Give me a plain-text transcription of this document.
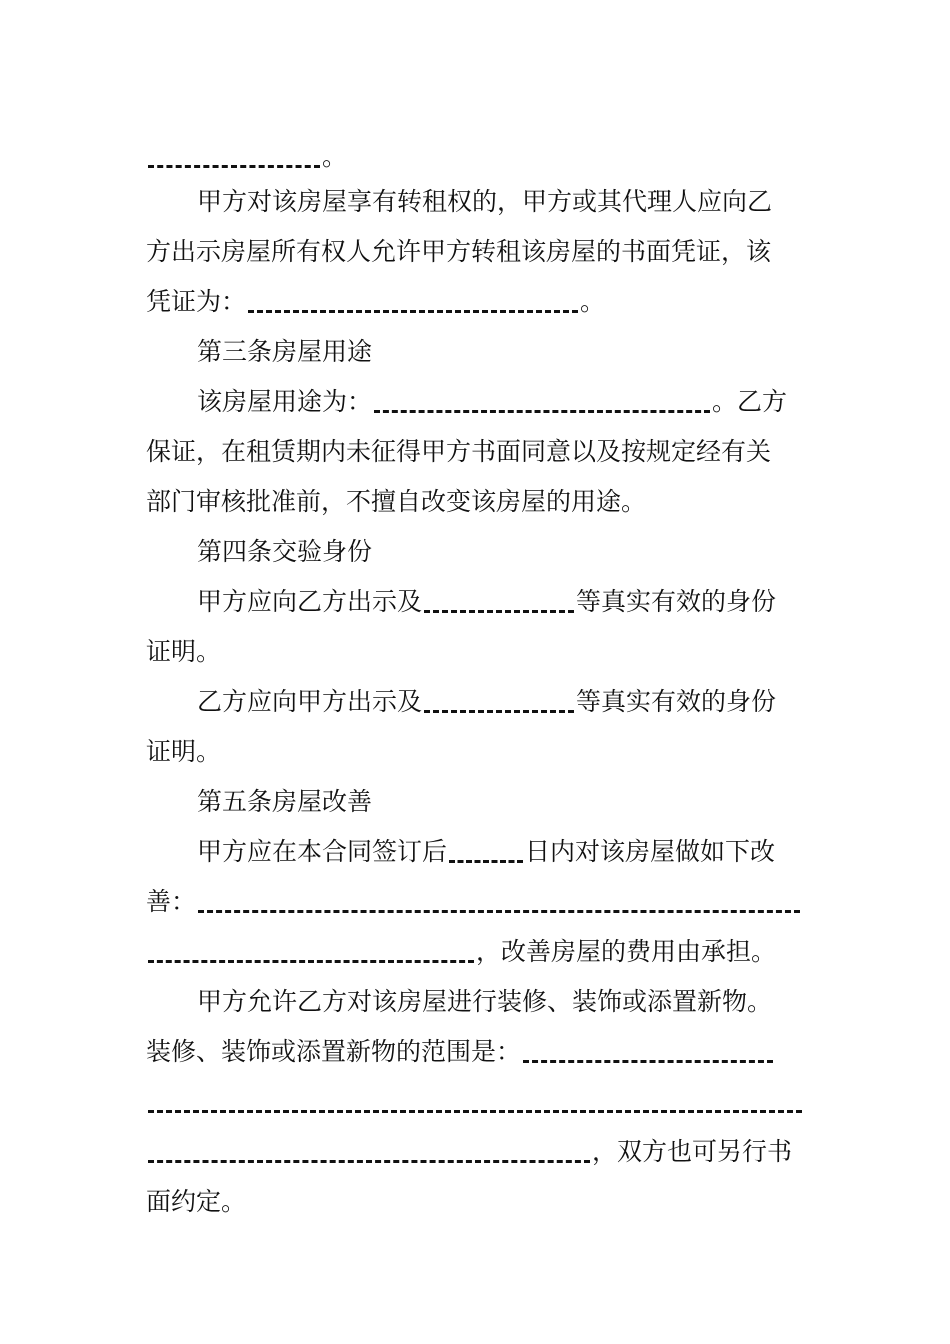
。
甲方对该房屋享有转租权的，甲方或其代理人应向乙
方出示房屋所有权人允许甲方转租该房屋的书面凭证，该
凭证为：	。
第三条房屋用途
该房屋用途为：	。乙方
保证，在租赁期内未征得甲方书面同意以及按规定经有关
部门审核批准前，不擅自改变该房屋的用途。
第四条交验身份
甲方应向乙方出示及	等真实有效的身份
证明。
乙方应向甲方出示及	等真实有效的身份
证明。
第五条房屋改善
甲方应在本合同签订后	日内对该房屋做如下改
善：
，改善房屋的费用由承担。
甲方允许乙方对该房屋进行装修、装饰或添置新物。
装修、装饰或添置新物的范围是：
，双方也可另行书
面约定。
